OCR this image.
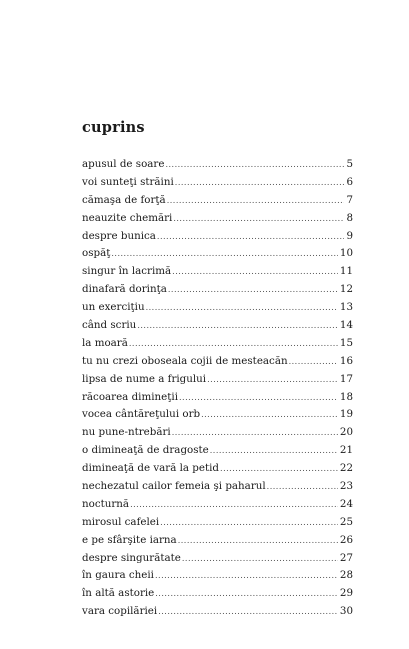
cuprins
apusul de soare .....	5
voi sunteţi străini .....	6
cămaşa de forţă .....	7
neauzite chemări .....	8
despre bunica .....	9
ospăţ .....	10
singur în lacrimă .....	11
dinafară dorinţa .....	12
un exerciţiu .....	13
când scriu .....	14
la moară .....	15
tu nu crezi oboseala cojii de mesteacăn .....	16
lipsa de nume a frigului .....	17
răcoarea dimineţii .....	18
vocea cântăreţului orb .....	19
nu pune-ntrebări .....	20
o dimineaţă de dragoste .....	21
dimineaţă de vară la petid .....	22
nechezatul cailor femeia şi paharul .....	23
nocturnă .....	24
mirosul cafelei .....	25
e pe sfârşite iarna .....	26
despre singurătate .....	27
în gaura cheii .....	28
în altă astorie .....	29
vara copilăriei .....	30
